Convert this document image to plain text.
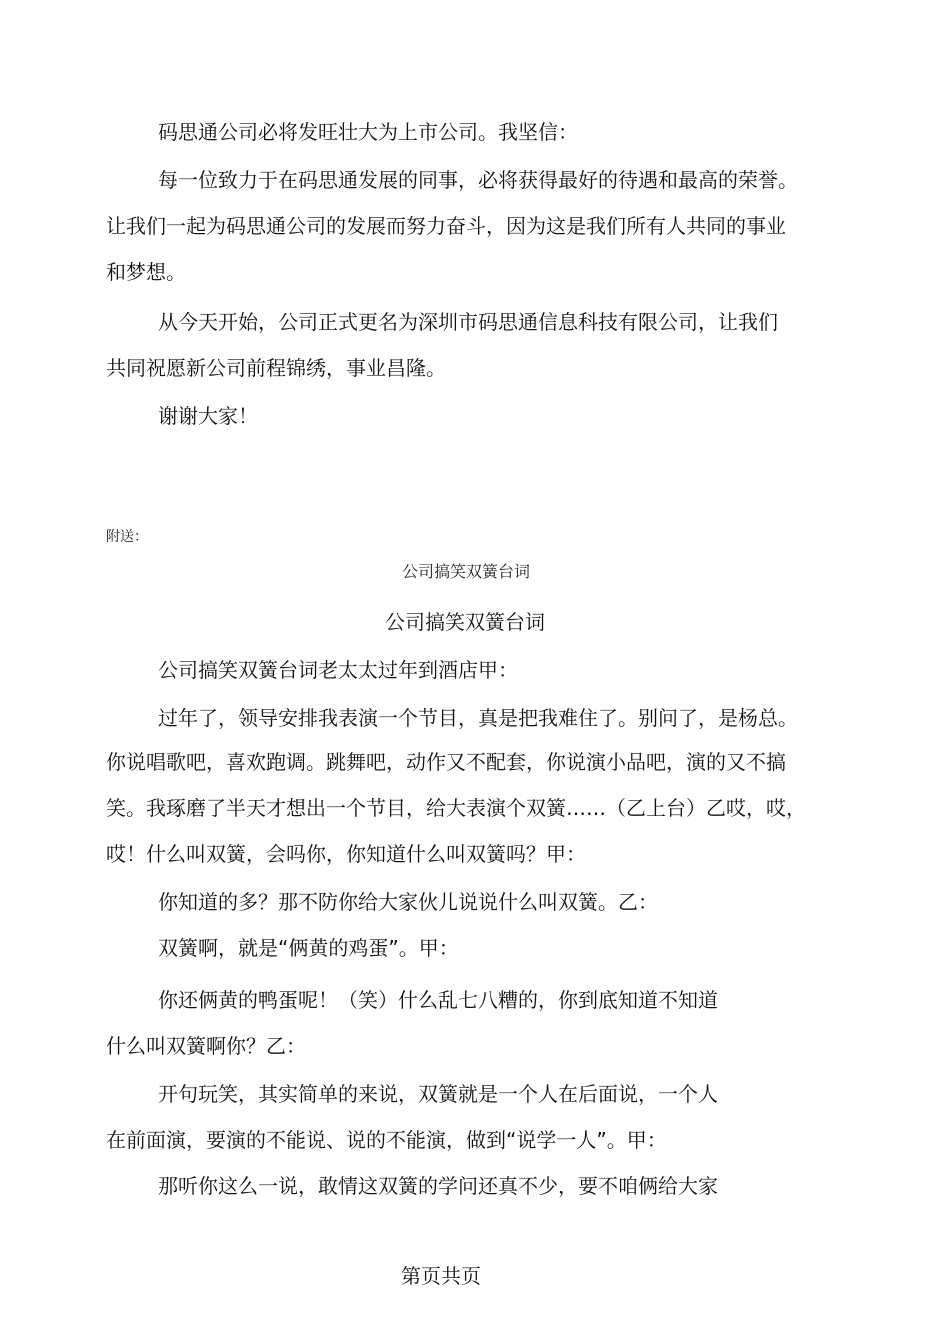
码思通公司必将发旺壮大为上市公司。我坚信：
每一位致力于在码思通发展的同事，必将获得最好的待遇和最高的荣誉。
让我们一起为码思通公司的发展而努力奋斗，因为这是我们所有人共同的事业
和梦想。
从今天开始，公司正式更名为深圳市码思通信息科技有限公司，让我们
共同祝愿新公司前程锦绣，事业昌隆。
谢谢大家！
附送：
公司搞笑双簧台词
公司搞笑双簧台词
公司搞笑双簧台词老太太过年到酒店甲：
过年了，领导安排我表演一个节目，真是把我难住了。别问了，是杨总。
你说唱歌吧，喜欢跑调。跳舞吧，动作又不配套，你说演小品吧，演的又不搞
笑。我琢磨了半天才想出一个节目，给大表演个双簧……（乙上台）乙哎，哎，
哎！什么叫双簧，会吗你，你知道什么叫双簧吗？甲：
你知道的多？那不防你给大家伙儿说说什么叫双簧。乙：
双簧啊，就是“俩黄的鸡蛋”。甲：
你还俩黄的鸭蛋呢！（笑）什么乱七八糟的，你到底知道不知道
什么叫双簧啊你？乙：
开句玩笑，其实简单的来说，双簧就是一个人在后面说，一个人
在前面演，要演的不能说、说的不能演，做到“说学一人”。甲：
那听你这么一说，敢情这双簧的学问还真不少，要不咱俩给大家
第页共页
